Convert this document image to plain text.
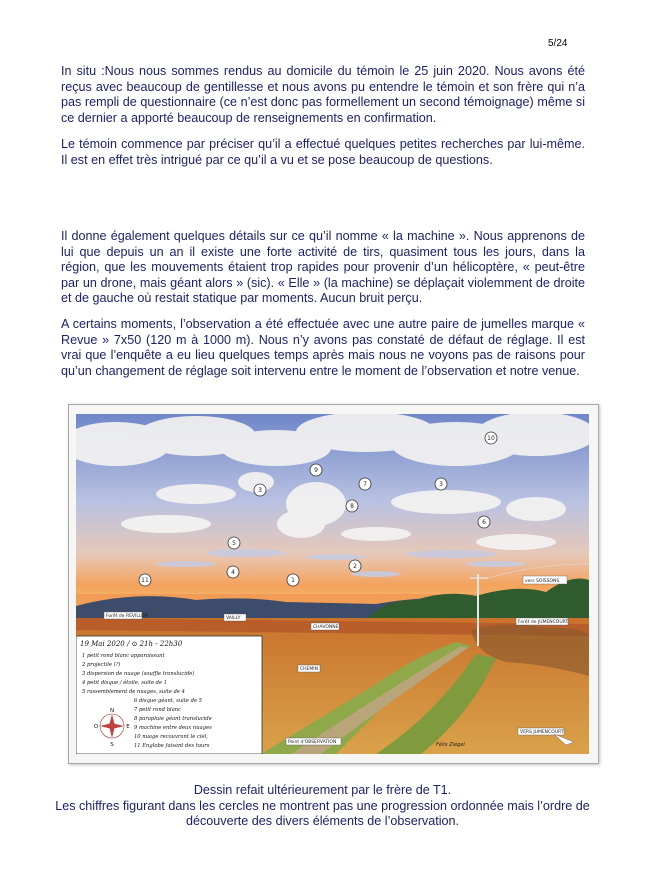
5/24

In situ :Nous nous sommes rendus au domicile du témoin le 25 juin 2020. Nous avons été reçus avec beaucoup de gentillesse et nous avons pu entendre le témoin et son frère qui n’a pas rempli de questionnaire (ce n’est donc pas formellement un second témoignage) même si ce dernier a apporté beaucoup de renseignements en confirmation.

Le témoin commence par préciser qu’il a effectué quelques petites recherches par lui-même. Il est en effet très intrigué par ce qu’il a vu et se pose beaucoup de questions.

Il donne également quelques détails sur ce qu’il nomme « la machine ». Nous apprenons de lui que depuis un an il existe une forte activité de tirs, quasiment tous les jours, dans la région, que les mouvements étaient trop rapides pour provenir d’un hélicoptère, « peut-être par un drone, mais géant alors » (sic). « Elle » (la machine) se déplaçait violemment de droite et de gauche où restait statique par moments. Aucun bruit perçu.

A certains moments, l’observation a été effectuée avec une autre paire de jumelles marque « Revue » 7x50 (120 m à 1000 m). Nous n’y avons pas constaté de défaut de réglage. Il est vrai que l’enquête a eu lieu quelques temps après mais nous ne voyons pas de raisons pour qu’un changement de réglage soit intervenu entre le moment de l’observation et notre venue.

10
9
7
3
8
3
6
5
2
4
1
11
Forêt de REVILLON	VAILLY
CHAVONNE
CHEMIN
vers SOISSONS
Forêt de JUMENCOURT
Point d'OBSERVATION
VERS JUMENCOURT
Félix Ziégel
19 Mai 2020 / ⊙ 21h - 22h30
1 petit rond blanc apparaissant
2 projectile (?)
3 dispersion de nuage (souffle translucide)
4 petit disque / étoile, suite de 1
5 rassemblement de nuages, suite de 4
6 disque géant, suite de 5
7 petit rond blanc
8 parapluie géant translucide
9 machine entre deux nuages
10 nuage recouvrant le ciel,
11 Englobe faisant des tours
N
E
S
O

Dessin refait ultérieurement par le frère de T1.

Les chiffres figurant dans les cercles ne montrent pas une progression ordonnée mais l’ordre de découverte des divers éléments de l’observation.
